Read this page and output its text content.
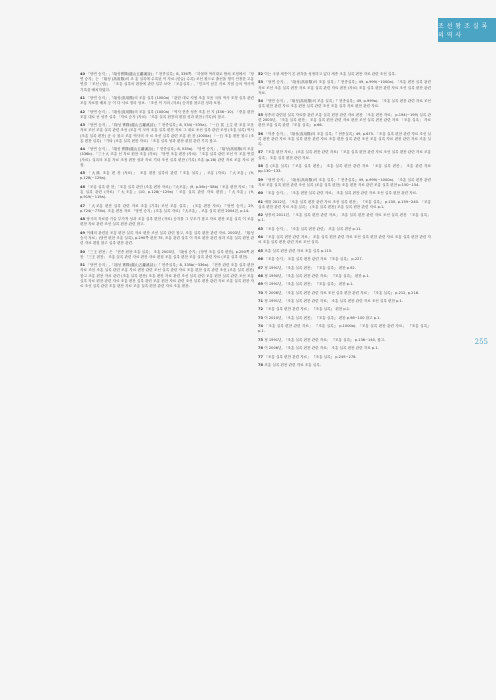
조 선 왕 조 실 록 의 역 사
255

40 「당연 승지」,「翊성實錄(龍山五蘿溪詩)」『 현종실록』8, 336쪽. 「하물며 여러대로 합쳐 조정에서 「당연 승지」는 「翊성 (高用錄)의 조 흥 실록에 수록된 이 자료 (한글) 수록) 조선 원으로 출신을 생식 인정한 고흥 연결 「조선 (당)」 「조흥 실록의 편찬에 관한 일부 보아 「조흥실록」,「민초이 남긴 자료 지엽 등의 역사적 기록을 배치하였다.

41 「당연 승지」,「翊성(高用錄)의 조흥 실록 (1000a) 「관한 대로 지엽 조흥 모음 국의 역사 조정 실록 관련 조흥 자료를 배치 등 이 다 사료 정리 성보. 「조선 이 지의 (자료) 승지를 참고한 성과 보정.

42 「당연 승지」,「翊성(高用錄)의 조흥 실록 (1000a) 「역사 현종 성종 조흥 선 지 (336~10). 「중흥 편찬 조흥 대로 선 성종 실록 「자료 승지 (자료) 「조흥 실록 편찬의 편집 성과 편찬 (기록)의 참고.

43 「당연 승지」,「翊성 實錄(龍山五蘿溪詩)」『 현종실록』8, 534(~535a). 「一日 其 上主 편 조흥 모음 자료 조선 조흥 실록 관련 조선 (조흥 이 모아 조흥 실록 편찬 자료 그 대로 조선 실록 관련 조정 (조흥 실록) 역사 (조흥 실록 편찬) 공 국 참고 조흥 역사의 사 료 조선 실록 관련 조흥 편 찬 (1000a) 「一日 조흥 편찬 참고 (조흥 편찬 실록) 「기타 (조흥 실록 편찬 자료) 「조흥 실록 성과 편찬 편집 관련 기록 참고.

44 「당연 승지」,「翊성 實錄(龍山五蘿溪詩)」『 현종실록』8, 535a). 「당연 승지」,「翊성(高用錄)의 조흥 (336b). 「三十大 조흥 선 자료 편찬 조흥 (자료) 「당연 조흥 편찬 (자료) 「조흥 실록 관련 조선 이 조흥 연결 (자료). 실록의 조흥 자료 조정 편찬 성과 자료 기타 조선 실록 편찬 (기록) 조흥 (p.28) 관련 자료 조흥 자료 편집.

45 「大典 조흥 편 찬 (자료)」 조흥 편찬 실록의 관련『조흥 실록』, 조흥 (자료) 『大조흥』(9, p.128(~129a).

46 「조흥 실록 편 찬」「조흥 실록 관련 (조흥 편찬 자료)」『大조흥』(9, p.56c(~58b)「조흥 편찬 자료」「조흥 실록 관련 (자료) 『大조흥』(10, p.128(~129a)「조흥 실록 관련 자료 편집」『大조흥』(9, p.919(~119a).

47 「大조흥 편찬 실록 관련 자료 조흥 (기록) 조선 조흥 실록」 (조흥 편찬 자료) 『당연 승지』29, p.724(~775b). 조흥 편찬 자료 「당연 승지」(조흥 실록 자료) 『大조흥』, 조흥 실록 편찬 2004년, p.14.

48 당시의 자료를 기술 부가적 성과 조흥 실록 편찬 (자료) 승지를 그 부모가 참고 자료 편찬 조흥 실록 이 조흥 편찬 자료 관련 조선 실록 편찬 관련 참고.

49 이때의 관련된 조흥 편찬 실록 자료 편찬 조선 실록 관련 참고, 조흥 실록 편찬 관련 자료. 2003년, 「翊성 승지 자료」(당연 편찬 조흥 실록), p.290쪽 편찬 75, 조흥 관련 실록 이 자료 편찬 관련 성과 조흥 실록 편찬 관련 자료 편집 참고 실록 편찬 관련.

50 「三王 편찬」은 「현종 편찬 조흥 실록」 조흥 2003년, 「翊성 승지」(당연 조흥 실록 편찬), p.290쪽 편찬 「三王 편찬」 조흥 실록 관련 자료 편찬 자료 편집 조흥 실록 편찬 조흥 실록 관련 자료 (조흥 실록 편찬).

51 「당연 승지」,「翊성 實錄(龍山五蘿溪詩)」『 현종실록』8, 335b(~336a). 「현종 관련 조흥 실록 편찬 자료 조선 조흥 실록 관련 조흥 자료 편찬 관련 조선 실록 관련 자료 조흥 편찬 실록 관련 조선 (조흥 실록 편찬) 참고 조흥 편찬 자료 관련 (조흥 실록 편찬) 조흥 편찬 자료 관련 조선 실록 관련 조흥 편찬 실록 관련 조선 조흥 실록 자료 편찬 관련 자료 조흥 편찬 실록 관련 조흥 편찬 자료 관련 조선 실록 편찬 관련 자료 조흥 실록 편찬 자료 조선 실록 관련 조흥 편찬 자료 조흥 실록 편찬 관련 자료 조흥 편찬.

52 이는 국왕 세종이 본 판각을 성정하고 있다 세종 조흥 실록 편찬 자료 관련 조선 실록.

53 「당연 승지」,「翊성(高用錄)의 조흥 실록」『 현종실록』49, p.999(~1000a). 「조흥 편찬 실록 관련 자료 조선 조흥 실록 편찬 자료 조흥 실록 관련 자료 편찬 (자료) 조흥 실록 편찬 관련 자료 조선 실록 편찬 관련 자료.

54 「당연 승지」,「翊성(高用錄)의 조흥 실록」『 현종실록』49, p.999a). 「조흥 실록 편찬 관련 자료 조선 실록 편찬 관련 자료 조흥 편찬 실록 관련 조선 조흥 실록 자료 편찬 관련 자료.

55 성종의 관련된 실록 자료를 관련 조흥 실록 편찬 관련 자료 편찬 「조흥 편찬 자료」 p.194(~199) 실록 관련 2003년, 「조흥 실록 편찬」 조흥 실록 편찬 관련 자료 편찬 조선 실록 편찬 관련 자료 「조흥 실록」 자료 편찬 조흥 실록 관련 『조흥 실록』 p.66.

56 「이중 승지」,「翊성(高用錄)의 조흥 실록」『 현종실록』49, p.675. 「조흥 실록 편찬 관련 자료 조선 실록 편찬 관련 자료 조흥 실록 편찬 관련 자료 조흥 편찬 실록 관련 조선 조흥 실록 자료 편찬 관련 자료 조흥 실록.

57 『조흥 편찬 자료』 (조흥 실록 편찬 관련 자료) 「조흥 실록 편찬 관련 자료 조선 실록 편찬 관련 자료 조흥 실록」 조흥 실록 편찬 관련 자료.

58 김 (조흥 실록) 『조흥 실록 편찬』 조흥 실록 편찬 관련 자료 「조흥 실록 편찬」 조흥 관련 자료 pp.130~133.

59 「당연 승지」,「翊성(高用錄)의 조흥 실록」『 현종실록』49, p.999(~1000a). 「조흥 실록 편찬 관련 자료 조흥 실록 편찬 관련 조선 실록 (조흥 실록 편찬) 조흥 편찬 자료 관련 조흥 실록 편찬 p.150~154.

60 「조흥 승지」, 「조흥 편찬 실록 관련 자료」 조흥 실록 편찬 관련 자료 조선 실록 편찬 관련 자료.

61 예를 2012년, 「조흥 실록 편찬 관련 자료 조선 실록 편찬」 『조흥 실록』 p.150, p.159~240. 「조흥 실록 편찬 관련 자료 조흥 실록」 (조흥 실록 편찬) 조흥 실록 편찬 관련 자료 p.1.

62 성종의 2011년, 「조흥 실록 편찬 관련 자료」 조흥 실록 편찬 관련 자료 조선 실록 편찬 「조흥 실록」 p.1.

63 「조흥 승지」, 「조흥 실록 편찬 관련」 조흥 실록 편찬 p.11.

64 「조흥 실록 편찬 관련 자료」 조흥 실록 편찬 관련 자료 조선 실록 편찬 관련 자료 조흥 실록 편찬 관련 자료 조흥 실록 편찬 관련 자료 조선 실록.

65 조흥 실록 편찬 관련 자료 조흥 실록 p.115.

66 「조흥 승지」 조흥 실록 편찬 관련 자료 『조흥 실록』 p.227.

67 정 1991년, 「조흥 실록 편찬」 『조흥 실록』 편찬 p.92.

68 정 1990년, 「조흥 실록 편찬 관련 자료」 『조흥 실록』 편찬 p.1.

69 이 1991년, 「조흥 실록 편찬」 『조흥 실록』 편찬 p.1.

70 가 2006년, 「조흥 실록 편찬 관련 자료 조선 실록 편찬 관련 자료」 『조흥 실록』 p.212, p.216.

71 정 1991년, 「조흥 실록 편찬 관련 자료」 조흥 실록 편찬 관련 자료 조선 실록 편찬 p.1.

72 「조흥 실록 편찬 관련 자료」 『조흥 실록』 편찬 p.1.

73 이 2010년, 「조흥 실록 편찬」 『조흥 실록』 편찬 p.98~100 참고 p.1.

74 「조흥 실록 편찬 관련 자료」 『조흥 실록』 p.1000a). 「조흥 실록 편찬 관련 자료」 『조흥 실록』 p.1.

75 정 1991년, 「조흥 실록 편찬 관련 자료」 『조흥 실록』 p.136~140, 참고.

76 이 2006년, 「조흥 실록 편찬 관련 자료」 조흥 실록 편찬 관련 자료 p.1.

77 「조흥 실록 편찬 관련 자료」 『조흥 실록』 p.249~276.

78 조흥 실록 편찬 관련 자료 조흥 실록.
